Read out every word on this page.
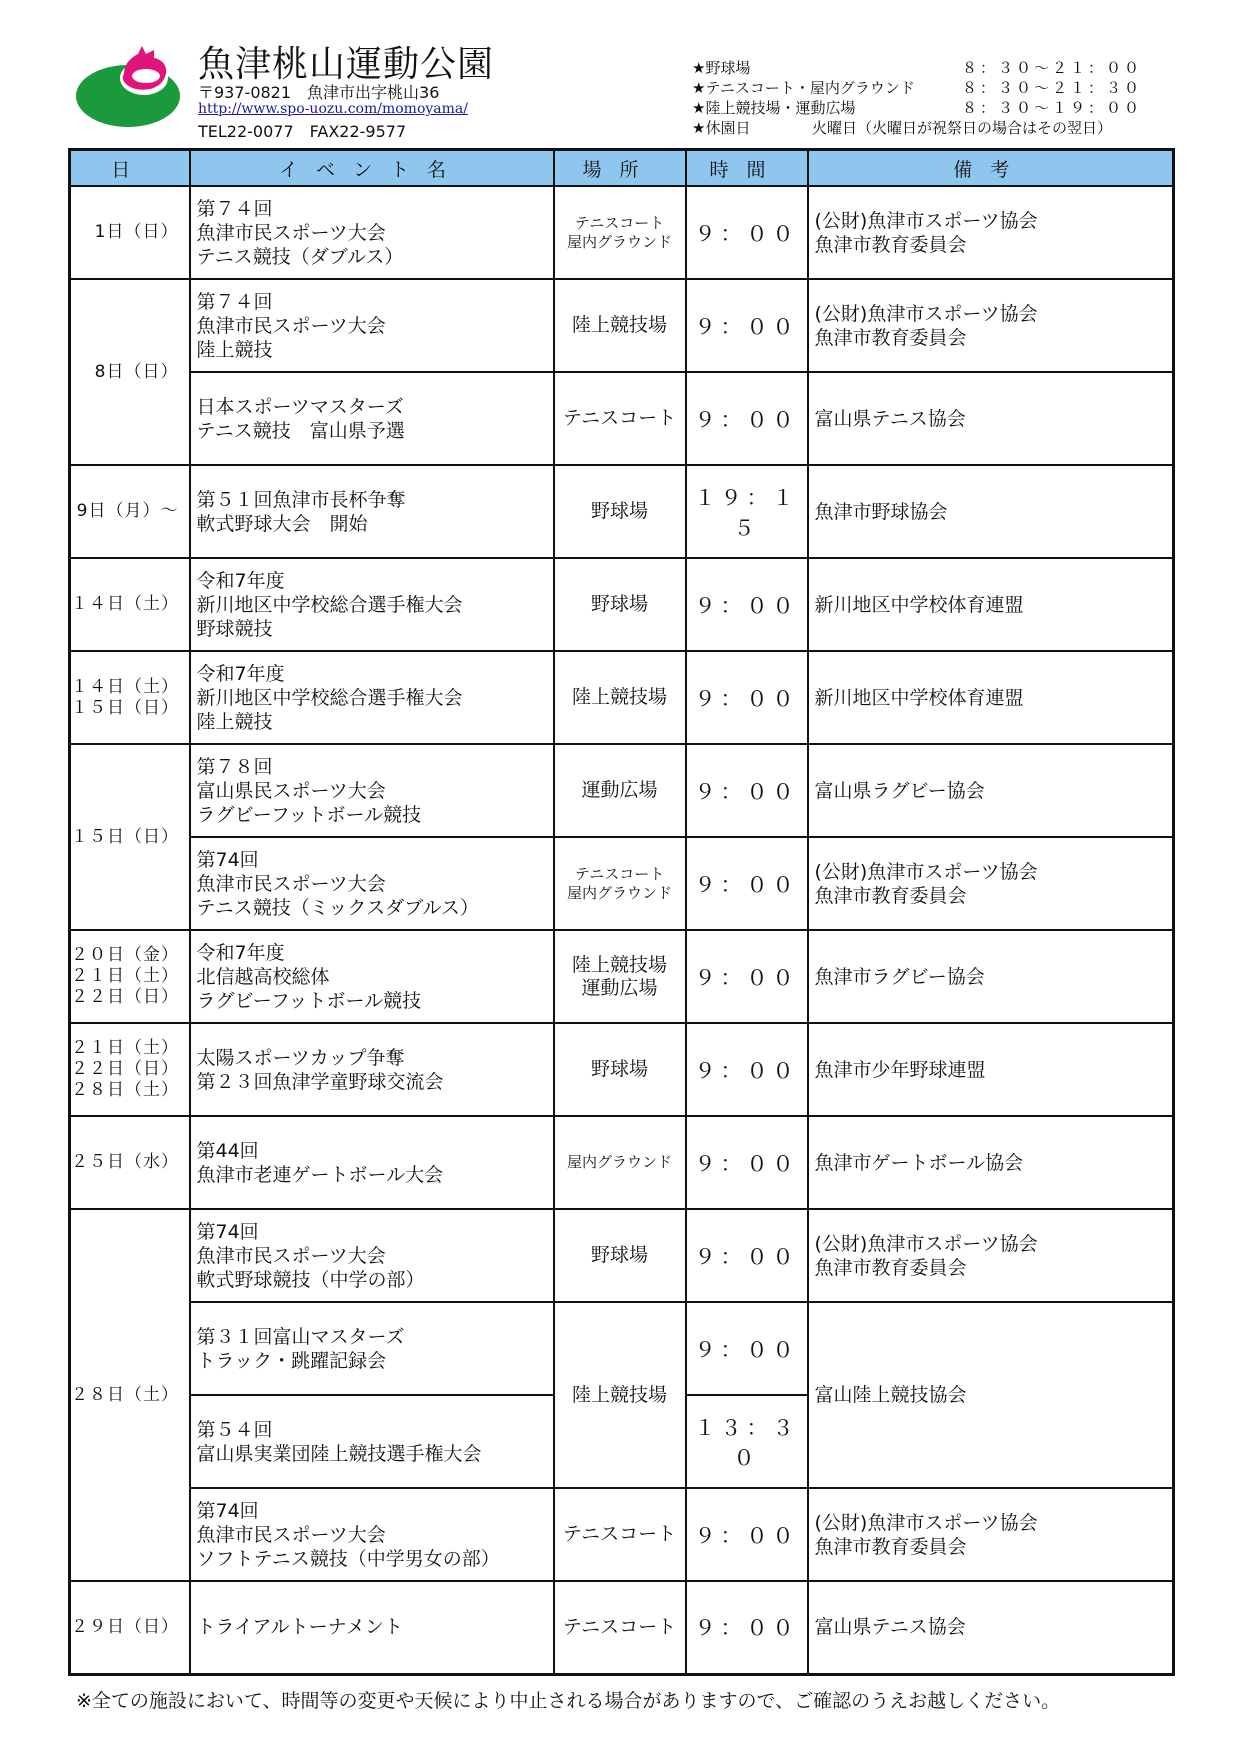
魚津桃山運動公園
〒937-0821　魚津市出字桃山36
http://www.spo-uozu.com/momoyama/
TEL22-0077　FAX22-9577
★野球場	８：３０～２１：００
★テニスコート・屋内グラウンド	８：３０～２１：３０
★陸上競技場・運動広場	８：３０～１９：００
★休園日	火曜日（火曜日が祝祭日の場合はその翌日）
日	イベント名	場所	時間	備考

1日（日）	第７４回
魚津市民スポーツ大会
テニス競技（ダブルス）	テニスコート
屋内グラウンド	９：００	(公財)魚津市スポーツ協会
魚津市教育委員会

8日（日）	第７４回
魚津市民スポーツ大会
陸上競技	陸上競技場	９：００	(公財)魚津市スポーツ協会
魚津市教育委員会

	日本スポーツマスターズ
テニス競技　富山県予選	テニスコート	９：００	富山県テニス協会

9日（月）～	第５１回魚津市長杯争奪
軟式野球大会　開始	野球場	１９：１５	魚津市野球協会

１４日（土）	令和7年度
新川地区中学校総合選手権大会
野球競技	野球場	９：００	新川地区中学校体育連盟

１４日（土）
１５日（日）	令和7年度
新川地区中学校総合選手権大会
陸上競技	陸上競技場	９：００	新川地区中学校体育連盟

１５日（日）	第７８回
富山県民スポーツ大会
ラグビーフットボール競技	運動広場	９：００	富山県ラグビー協会

	第74回
魚津市民スポーツ大会
テニス競技（ミックスダブルス）	テニスコート
屋内グラウンド	９：００	(公財)魚津市スポーツ協会
魚津市教育委員会

２０日（金）
２１日（土）
２２日（日）	令和7年度
北信越高校総体
ラグビーフットボール競技	陸上競技場
運動広場	９：００	魚津市ラグビー協会

２１日（土）
２２日（日）
２８日（土）	太陽スポーツカップ争奪
第２３回魚津学童野球交流会	野球場	９：００	魚津市少年野球連盟

２５日（水）	第44回
魚津市老連ゲートボール大会	屋内グラウンド	９：００	魚津市ゲートボール協会

２８日（土）	第74回
魚津市民スポーツ大会
軟式野球競技（中学の部）	野球場	９：００	(公財)魚津市スポーツ協会
魚津市教育委員会

	第３１回富山マスターズ
トラック・跳躍記録会	陸上競技場	９：００	富山陸上競技協会

	第５４回
富山県実業団陸上競技選手権大会		１３：３０	

	第74回
魚津市民スポーツ大会
ソフトテニス競技（中学男女の部）	テニスコート	９：００	(公財)魚津市スポーツ協会
魚津市教育委員会

２９日（日）	トライアルトーナメント	テニスコート	９：００	富山県テニス協会
※全ての施設において、時間等の変更や天候により中止される場合がありますので、ご確認のうえお越しください。
